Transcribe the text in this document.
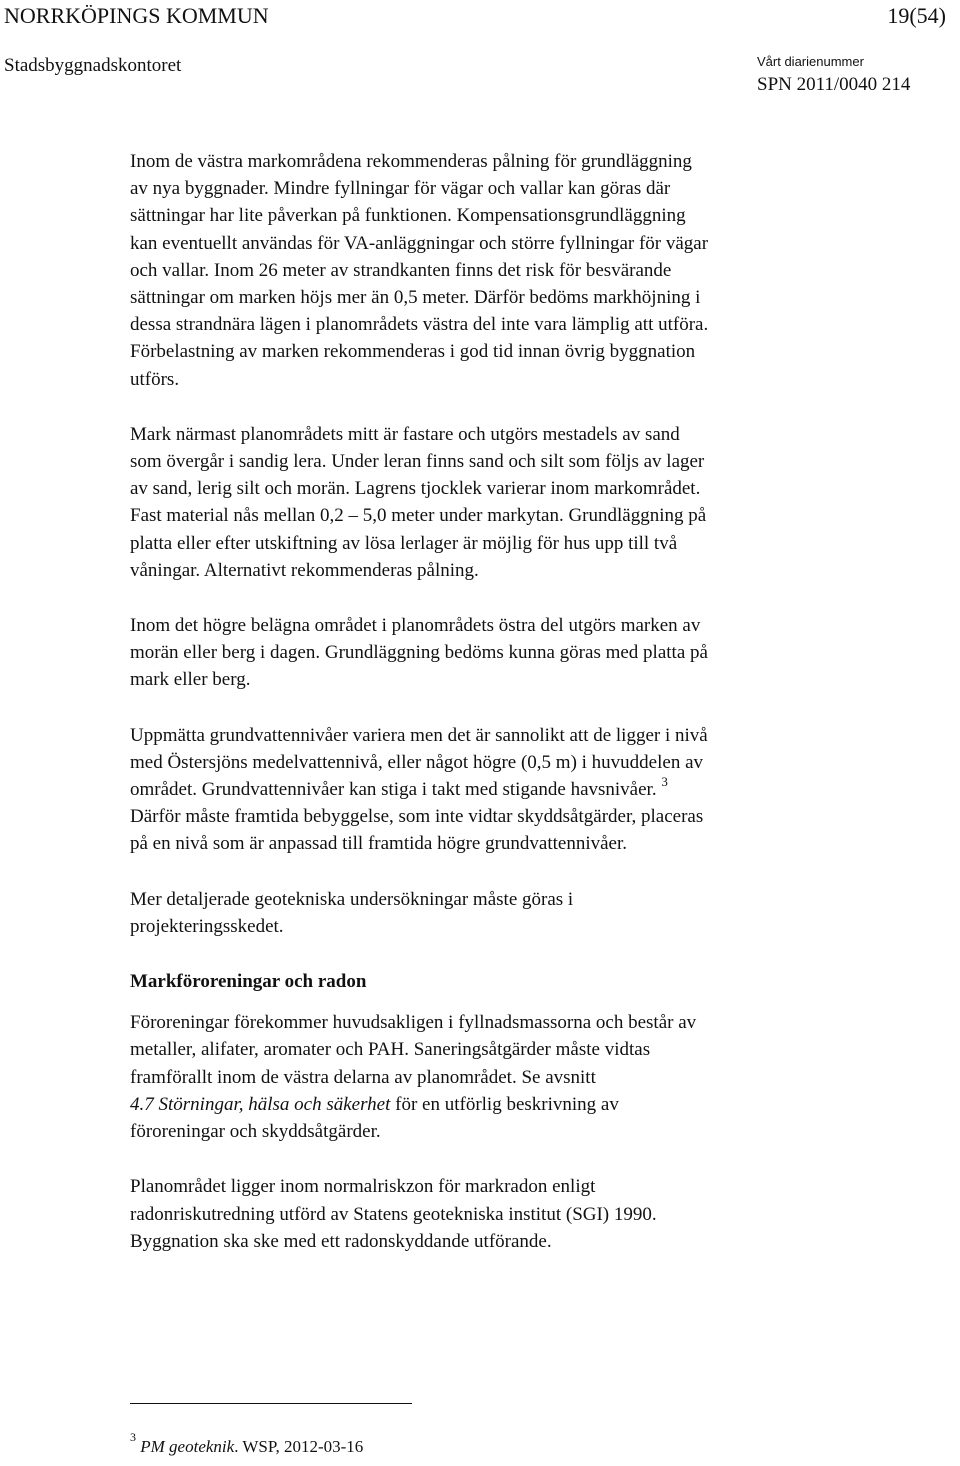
NORRKÖPINGS KOMMUN	19(54)
Stadsbyggnadskontoret	Vårt diarienummer
SPN 2011/0040 214

Inom de västra markområdena rekommenderas pålning för grundläggning
av nya byggnader. Mindre fyllningar för vägar och vallar kan göras där
sättningar har lite påverkan på funktionen. Kompensationsgrundläggning
kan eventuellt användas för VA-anläggningar och större fyllningar för vägar
och vallar. Inom 26 meter av strandkanten finns det risk för besvärande
sättningar om marken höjs mer än 0,5 meter. Därför bedöms markhöjning i
dessa strandnära lägen i planområdets västra del inte vara lämplig att utföra.
Förbelastning av marken rekommenderas i god tid innan övrig byggnation
utförs.

Mark närmast planområdets mitt är fastare och utgörs mestadels av sand
som övergår i sandig lera. Under leran finns sand och silt som följs av lager
av sand, lerig silt och morän. Lagrens tjocklek varierar inom markområdet.
Fast material nås mellan 0,2 – 5,0 meter under markytan. Grundläggning på
platta eller efter utskiftning av lösa lerlager är möjlig för hus upp till två
våningar. Alternativt rekommenderas pålning.

Inom det högre belägna området i planområdets östra del utgörs marken av
morän eller berg i dagen. Grundläggning bedöms kunna göras med platta på
mark eller berg.

Uppmätta grundvattennivåer variera men det är sannolikt att de ligger i nivå
med Östersjöns medelvattennivå, eller något högre (0,5 m) i huvuddelen av
området. Grundvattennivåer kan stiga i takt med stigande havsnivåer. $^3$
Därför måste framtida bebyggelse, som inte vidtar skyddsåtgärder, placeras
på en nivå som är anpassad till framtida högre grundvattennivåer.

Mer detaljerade geotekniska undersökningar måste göras i
projekteringsskedet.

Markföroreningar och radon

Föroreningar förekommer huvudsakligen i fyllnadsmassorna och består av
metaller, alifater, aromater och PAH. Saneringsåtgärder måste vidtas
framförallt inom de västra delarna av planområdet. Se avsnitt
4.7 Störningar, hälsa och säkerhet för en utförlig beskrivning av
föroreningar och skyddsåtgärder.

Planområdet ligger inom normalriskzon för markradon enligt
radonriskutredning utförd av Statens geotekniska institut (SGI) 1990.
Byggnation ska ske med ett radonskyddande utförande.

$^3$ PM geoteknik. WSP, 2012-03-16
